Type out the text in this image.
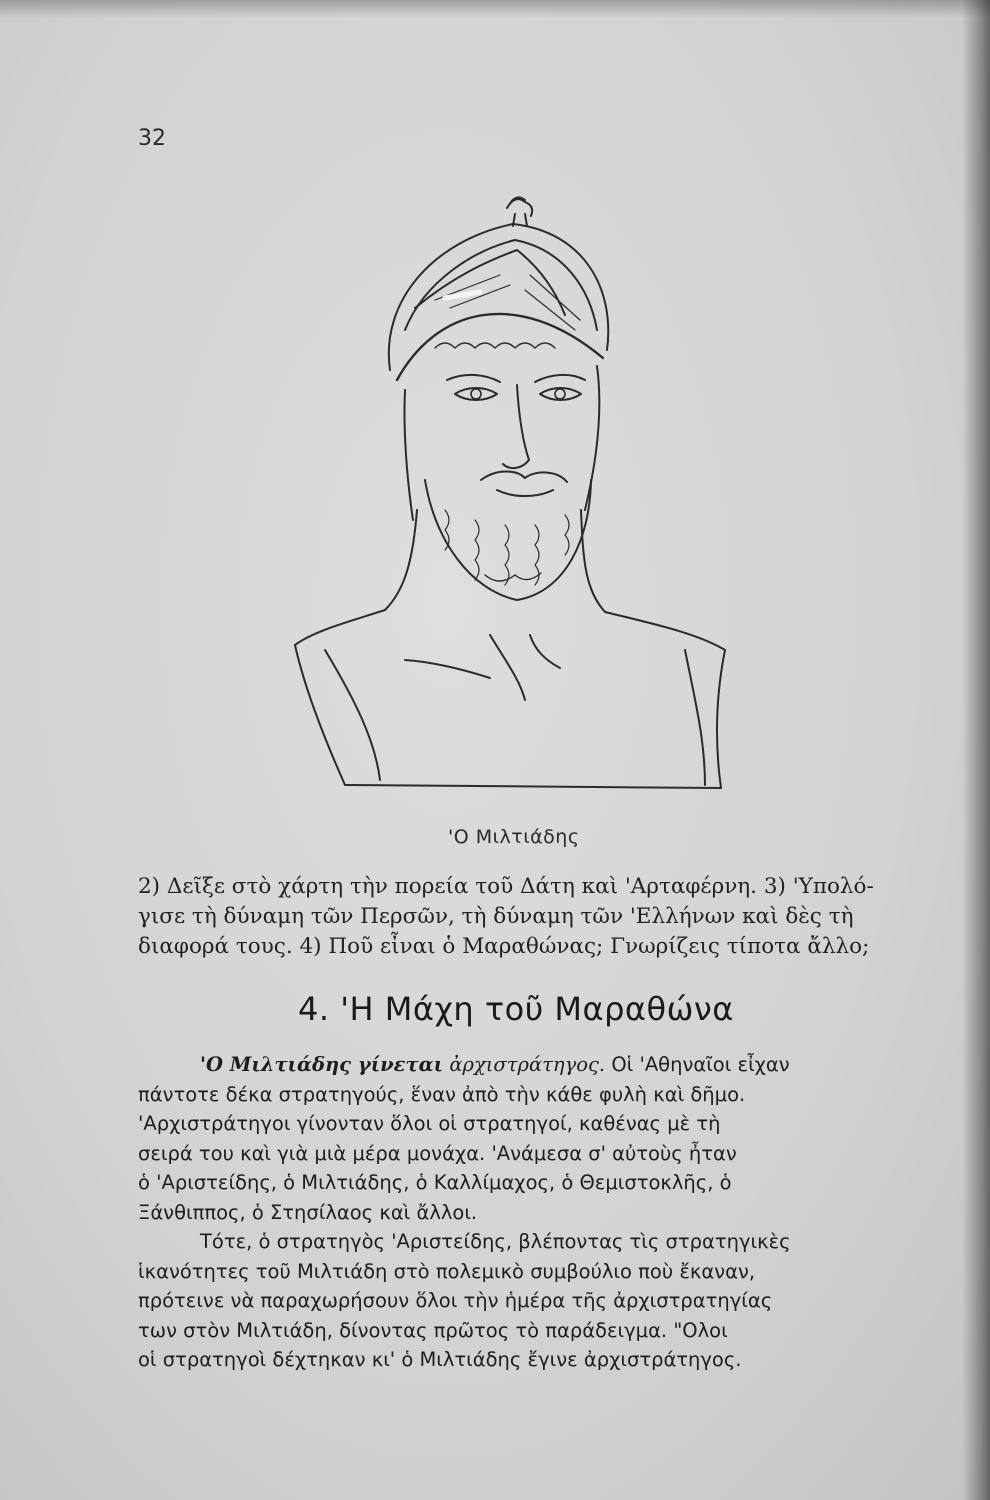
32
'Ο Μιλτιάδης
2) Δεῖξε στὸ χάρτη τὴν πορεία τοῦ Δάτη καὶ 'Αρταφέρνη. 3) 'Υπολό-
γισε τὴ δύναμη τῶν Περσῶν, τὴ δύναμη τῶν 'Ελλήνων καὶ δὲς τὴ
διαφορά τους. 4) Ποῦ εἶναι ὁ Μαραθώνας; Γνωρίζεις τίποτα ἄλλο;
4. 'Η Μάχη τοῦ Μαραθώνα
'Ο Μιλτιάδης γίνεται ἀρχιστράτηγος. Οἱ 'Αθηναῖοι εἶχαν
πάντοτε δέκα στρατηγούς, ἕναν ἀπὸ τὴν κάθε φυλὴ καὶ δῆμο.
'Αρχιστράτηγοι γίνονταν ὅλοι οἱ στρατηγοί, καθένας μὲ τὴ
σειρά του καὶ γιὰ μιὰ μέρα μονάχα. 'Ανάμεσα σ' αὐτοὺς ἦταν
ὁ 'Αριστείδης, ὁ Μιλτιάδης, ὁ Καλλίμαχος, ὁ Θεμιστοκλῆς, ὁ
Ξάνθιππος, ὁ Στησίλαος καὶ ἄλλοι.
Τότε, ὁ στρατηγὸς 'Αριστείδης, βλέποντας τὶς στρατηγικὲς
ἱκανότητες τοῦ Μιλτιάδη στὸ πολεμικὸ συμβούλιο ποὺ ἔκαναν,
πρότεινε νὰ παραχωρήσουν ὅλοι τὴν ἡμέρα τῆς ἀρχιστρατηγίας
των στὸν Μιλτιάδη, δίνοντας πρῶτος τὸ παράδειγμα. "Ολοι
οἱ στρατηγοὶ δέχτηκαν κι' ὁ Μιλτιάδης ἔγινε ἀρχιστράτηγος.
